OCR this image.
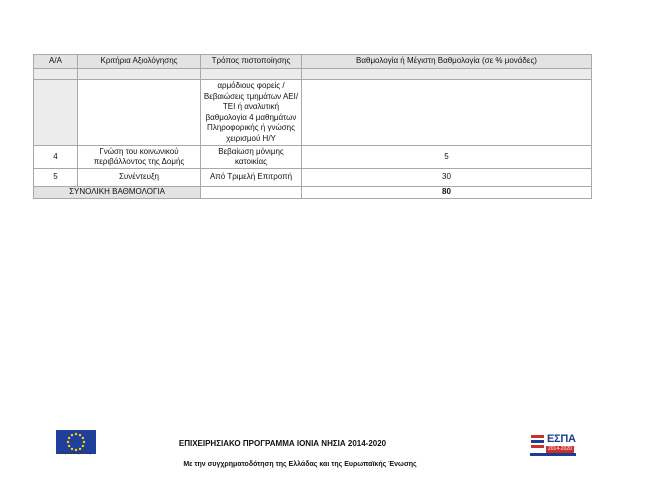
Α/Α	Κριτήρια Αξιολόγησης	Τρόπος πιστοποίησης	Βαθμολογία ή Μέγιστη Βαθμολογία (σε % μονάδες)

		αρμόδιους φορείς / Βεβαιώσεις τμημάτων ΑΕΙ/ΤΕΙ ή αναλυτική βαθμολογία 4 μαθημάτων Πληροφορικής ή γνώσης χειρισμού Η/Υ	
4	Γνώση του κοινωνικού περιβάλλοντος της Δομής	Βεβαίωση μόνιμης κατοικίας	5
5	Συνέντευξη	Από Τριμελή Επιτροπή	30
ΣΥΝΟΛΙΚΗ ΒΑΘΜΟΛΟΓΙΑ			80
Ευρωπαϊκή Ένωση
ΕΠΙΧΕΙΡΗΣΙΑΚΟ ΠΡΟΓΡΑΜΜΑ ΙΟΝΙΑ ΝΗΣΙΑ 2014-2020
Με την συγχρηματοδότηση της Ελλάδας και της Ευρωπαϊκής Ένωσης
ΕΣΠΑ
2014-2020
